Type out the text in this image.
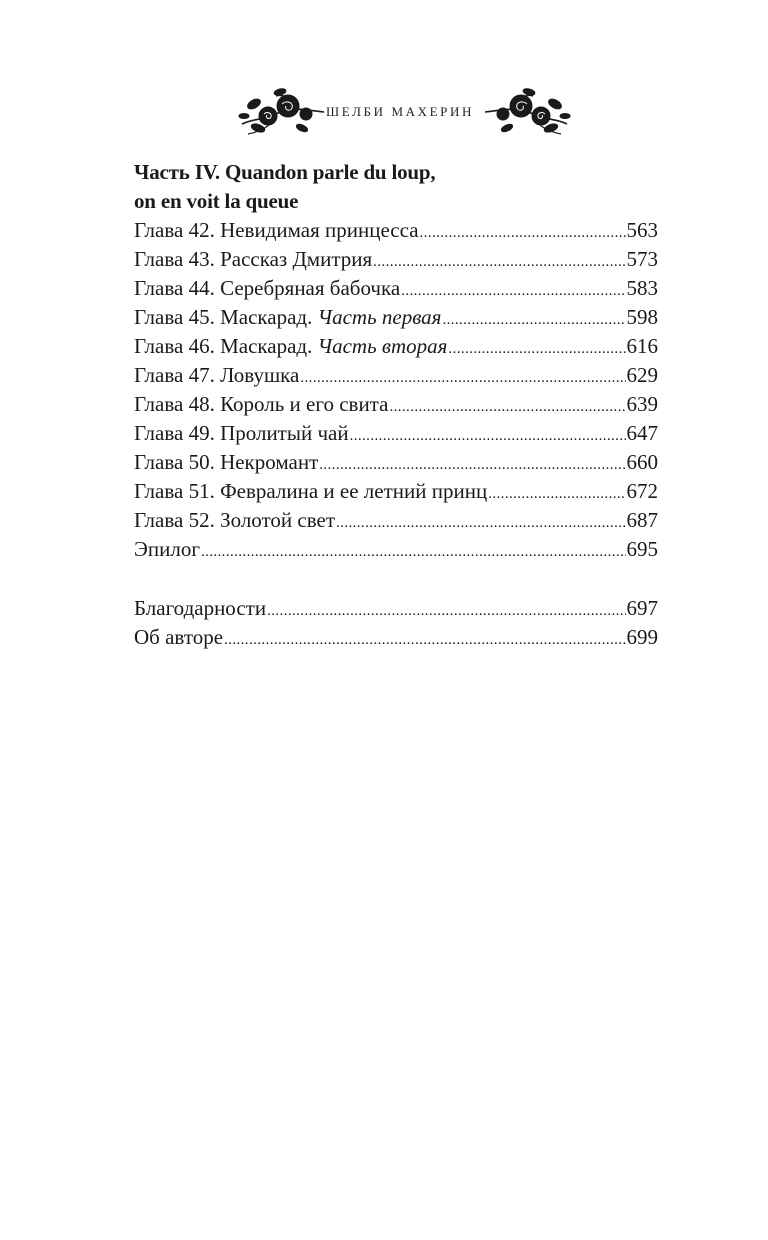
ШЕЛБИ МАХЕРИН
Часть IV. Quandon parle du loup,
on en voit la queue
Глава 42. Невидимая принцесса .....	563
Глава 43. Рассказ Дмитрия .....	573
Глава 44. Серебряная бабочка .....	583
Глава 45. Маскарад. Часть первая .....	598
Глава 46. Маскарад. Часть вторая .....	616
Глава 47. Ловушка .....	629
Глава 48. Король и его свита .....	639
Глава 49. Пролитый чай .....	647
Глава 50. Некромант .....	660
Глава 51. Февралина и ее летний принц .....	672
Глава 52. Золотой свет .....	687
Эпилог .....	695
Благодарности .....	697
Об авторе .....	699
